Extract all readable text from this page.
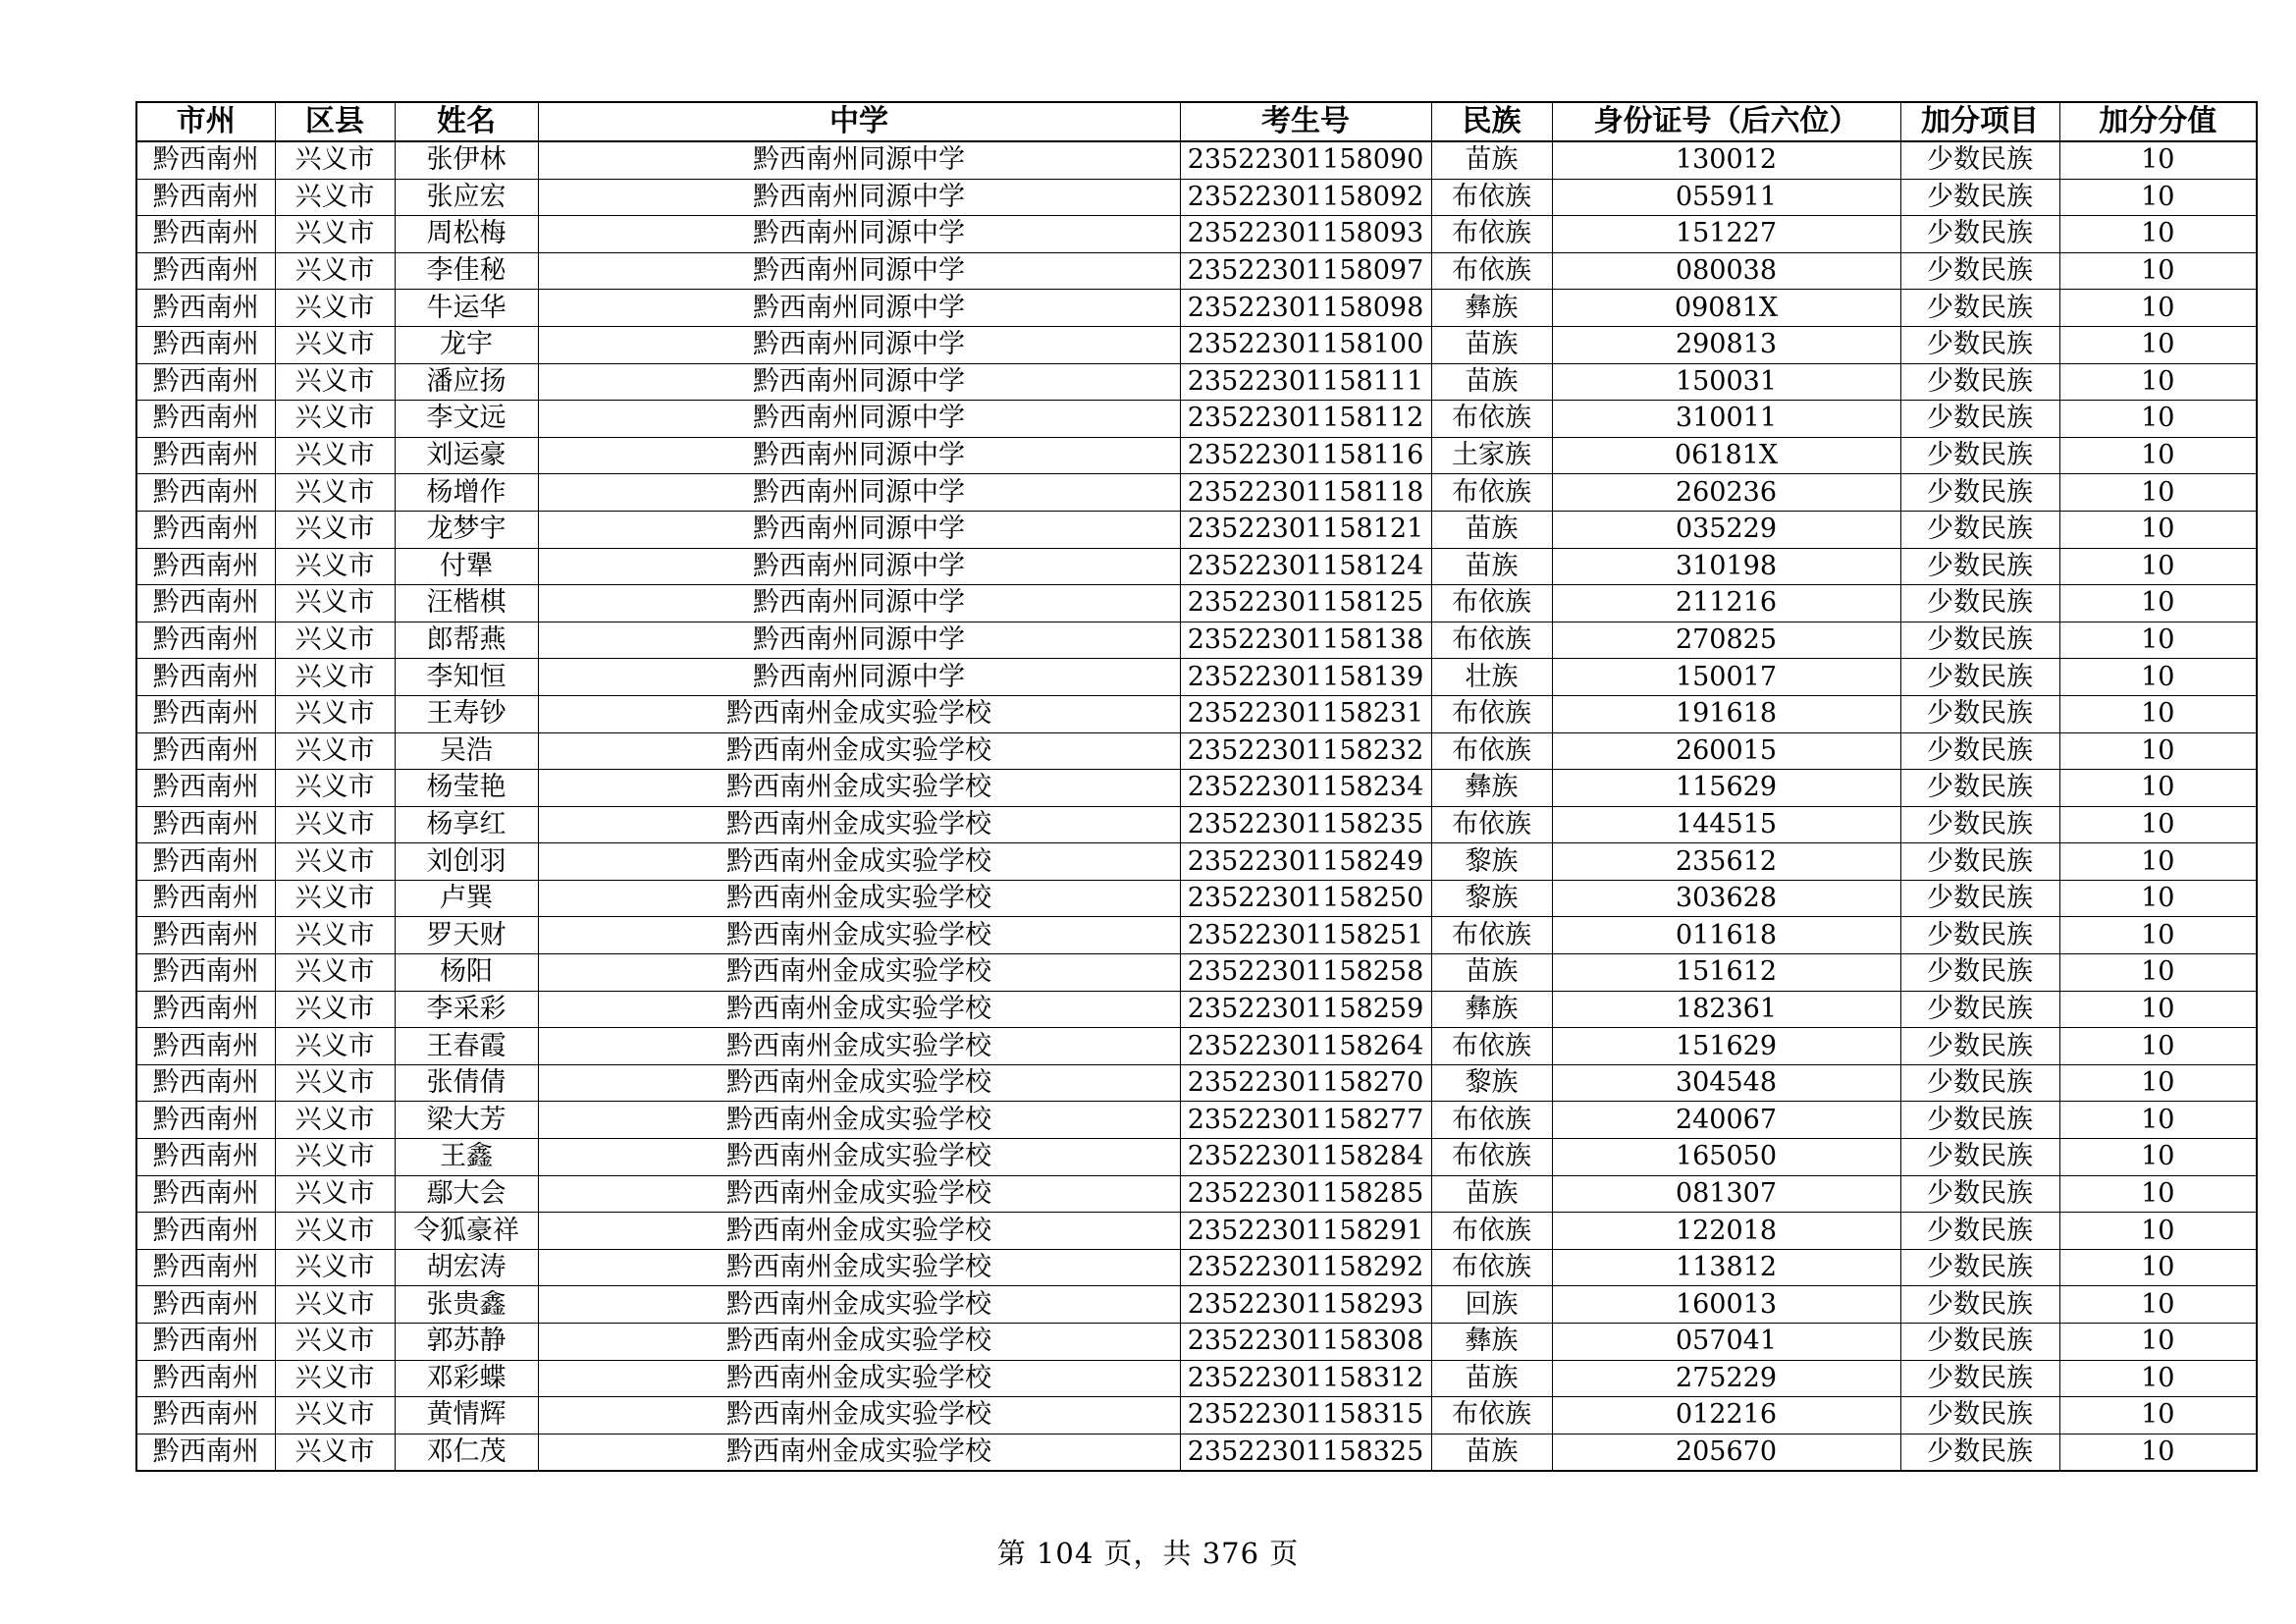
市州	区县	姓名	中学	考生号	民族	身份证号（后六位）	加分项目	加分分值
黔西南州	兴义市	张伊林	黔西南州同源中学	23522301158090	苗族	130012	少数民族	10
黔西南州	兴义市	张应宏	黔西南州同源中学	23522301158092	布依族	055911	少数民族	10
黔西南州	兴义市	周松梅	黔西南州同源中学	23522301158093	布依族	151227	少数民族	10
黔西南州	兴义市	李佳秘	黔西南州同源中学	23522301158097	布依族	080038	少数民族	10
黔西南州	兴义市	牛运华	黔西南州同源中学	23522301158098	彝族	09081X	少数民族	10
黔西南州	兴义市	龙宇	黔西南州同源中学	23522301158100	苗族	290813	少数民族	10
黔西南州	兴义市	潘应扬	黔西南州同源中学	23522301158111	苗族	150031	少数民族	10
黔西南州	兴义市	李文远	黔西南州同源中学	23522301158112	布依族	310011	少数民族	10
黔西南州	兴义市	刘运豪	黔西南州同源中学	23522301158116	土家族	06181X	少数民族	10
黔西南州	兴义市	杨增作	黔西南州同源中学	23522301158118	布依族	260236	少数民族	10
黔西南州	兴义市	龙梦宇	黔西南州同源中学	23522301158121	苗族	035229	少数民族	10
黔西南州	兴义市	付犟	黔西南州同源中学	23522301158124	苗族	310198	少数民族	10
黔西南州	兴义市	汪楷棋	黔西南州同源中学	23522301158125	布依族	211216	少数民族	10
黔西南州	兴义市	郎帮燕	黔西南州同源中学	23522301158138	布依族	270825	少数民族	10
黔西南州	兴义市	李知恒	黔西南州同源中学	23522301158139	壮族	150017	少数民族	10
黔西南州	兴义市	王寿钞	黔西南州金成实验学校	23522301158231	布依族	191618	少数民族	10
黔西南州	兴义市	吴浩	黔西南州金成实验学校	23522301158232	布依族	260015	少数民族	10
黔西南州	兴义市	杨莹艳	黔西南州金成实验学校	23522301158234	彝族	115629	少数民族	10
黔西南州	兴义市	杨享红	黔西南州金成实验学校	23522301158235	布依族	144515	少数民族	10
黔西南州	兴义市	刘创羽	黔西南州金成实验学校	23522301158249	黎族	235612	少数民族	10
黔西南州	兴义市	卢巽	黔西南州金成实验学校	23522301158250	黎族	303628	少数民族	10
黔西南州	兴义市	罗天财	黔西南州金成实验学校	23522301158251	布依族	011618	少数民族	10
黔西南州	兴义市	杨阳	黔西南州金成实验学校	23522301158258	苗族	151612	少数民族	10
黔西南州	兴义市	李采彩	黔西南州金成实验学校	23522301158259	彝族	182361	少数民族	10
黔西南州	兴义市	王春霞	黔西南州金成实验学校	23522301158264	布依族	151629	少数民族	10
黔西南州	兴义市	张倩倩	黔西南州金成实验学校	23522301158270	黎族	304548	少数民族	10
黔西南州	兴义市	梁大芳	黔西南州金成实验学校	23522301158277	布依族	240067	少数民族	10
黔西南州	兴义市	王鑫	黔西南州金成实验学校	23522301158284	布依族	165050	少数民族	10
黔西南州	兴义市	鄢大会	黔西南州金成实验学校	23522301158285	苗族	081307	少数民族	10
黔西南州	兴义市	令狐豪祥	黔西南州金成实验学校	23522301158291	布依族	122018	少数民族	10
黔西南州	兴义市	胡宏涛	黔西南州金成实验学校	23522301158292	布依族	113812	少数民族	10
黔西南州	兴义市	张贵鑫	黔西南州金成实验学校	23522301158293	回族	160013	少数民族	10
黔西南州	兴义市	郭苏静	黔西南州金成实验学校	23522301158308	彝族	057041	少数民族	10
黔西南州	兴义市	邓彩蝶	黔西南州金成实验学校	23522301158312	苗族	275229	少数民族	10
黔西南州	兴义市	黄情辉	黔西南州金成实验学校	23522301158315	布依族	012216	少数民族	10
黔西南州	兴义市	邓仁茂	黔西南州金成实验学校	23522301158325	苗族	205670	少数民族	10
第 104 页，共 376 页
